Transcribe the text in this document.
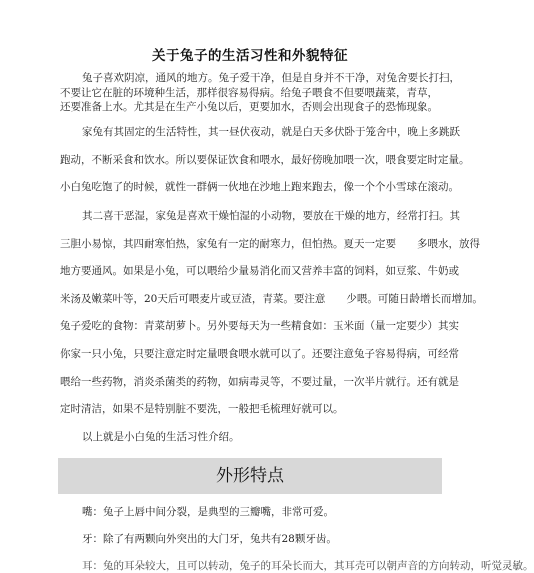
关于兔子的生活习性和外貌特征
兔子喜欢阴凉，通风的地方。兔子爱干净，但是自身并不干净，对兔舍要长打扫，
不要让它在脏的环境种生活，那样很容易得病。给兔子喂食不但要喂蔬菜，青草，
还要准备上水。尤其是在生产小兔以后，更要加水，否则会出现食子的恐怖现象。
家兔有其固定的生活特性，其一昼伏夜动，就是白天多伏卧于笼舍中，晚上多跳跃
跑动，不断采食和饮水。所以要保证饮食和喂水，最好傍晚加喂一次，喂食要定时定量。
小白兔吃饱了的时候，就性一群俩一伙地在沙地上跑来跑去，像一个个小雪球在滚动。
其二喜干恶湿，家兔是喜欢干燥怕湿的小动物，要放在干燥的地方，经常打扫。其
三胆小易惊，其四耐寒怕热，家兔有一定的耐寒力，但怕热。夏天一定要　　多喂水，放得
地方要通风。如果是小兔，可以喂给少量易消化而又营养丰富的饲料，如豆浆、牛奶或
米汤及嫩菜叶等，20天后可喂麦片或豆渣，青菜。要注意　　少喂。可随日龄增长而增加。
兔子爱吃的食物：青菜胡萝卜。另外要每天为一些精食如：玉米面（量一定要少）其实
你家一只小兔，只要注意定时定量喂食喂水就可以了。还要注意兔子容易得病，可经常
喂给一些药物，消炎杀菌类的药物，如病毒灵等，不要过量，一次半片就行。还有就是
定时清洁，如果不是特别脏不要洗，一般把毛梳理好就可以。
以上就是小白兔的生活习性介绍。
外形特点
嘴：兔子上唇中间分裂，是典型的三瓣嘴，非常可爱。
牙：除了有两颗向外突出的大门牙，兔共有28颗牙齿。
耳：兔的耳朵较大，且可以转动，兔子的耳朵长而大，其耳壳可以朝声音的方向转动，听觉灵敏。
